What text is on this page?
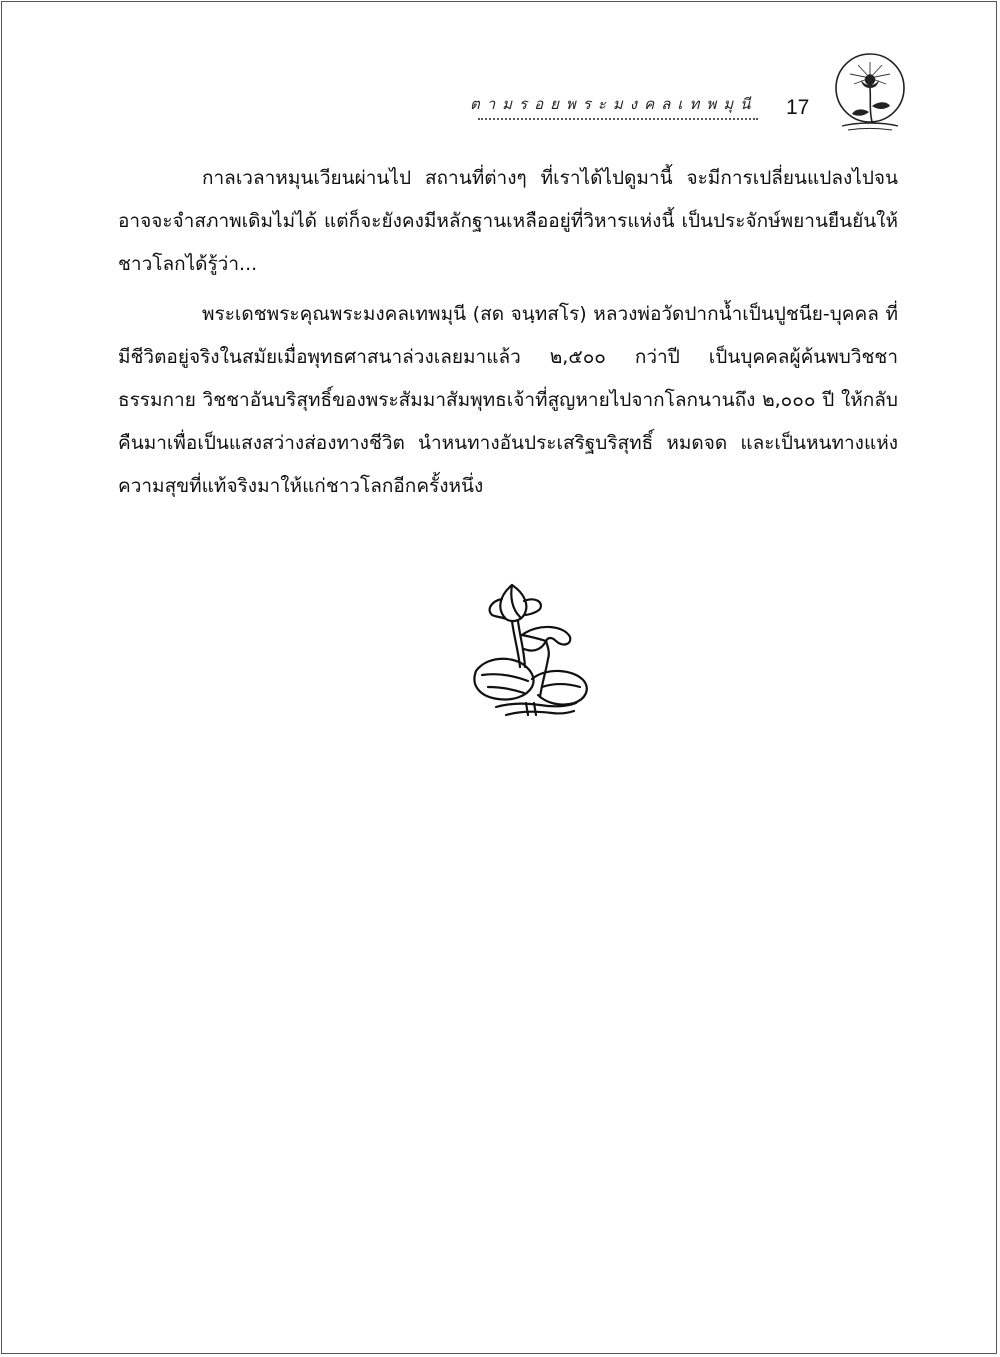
ตามรอยพระมงคลเทพมุนี 17

กาลเวลาหมุนเวียนผ่านไป สถานที่ต่างๆ ที่เราได้ไปดูมานี้ จะมีการเปลี่ยนแปลงไปจนอาจจะจำสภาพเดิมไม่ได้ แต่ก็จะยังคงมีหลักฐานเหลืออยู่ที่วิหารแห่งนี้ เป็นประจักษ์พยานยืนยันให้ชาวโลกได้รู้ว่า...

พระเดชพระคุณพระมงคลเทพมุนี (สด จนฺทสโร) หลวงพ่อวัดปากน้ำเป็นปูชนีย-บุคคล ที่มีชีวิตอยู่จริงในสมัยเมื่อพุทธศาสนาล่วงเลยมาแล้ว ๒,๕๐๐ กว่าปี เป็นบุคคลผู้ค้นพบวิชชาธรรมกาย วิชชาอันบริสุทธิ์ของพระสัมมาสัมพุทธเจ้าที่สูญหายไปจากโลกนานถึง ๒,๐๐๐ ปี ให้กลับคืนมาเพื่อเป็นแสงสว่างส่องทางชีวิต นำหนทางอันประเสริฐบริสุทธิ์ หมดจด และเป็นหนทางแห่งความสุขที่แท้จริงมาให้แก่ชาวโลกอีกครั้งหนึ่ง
